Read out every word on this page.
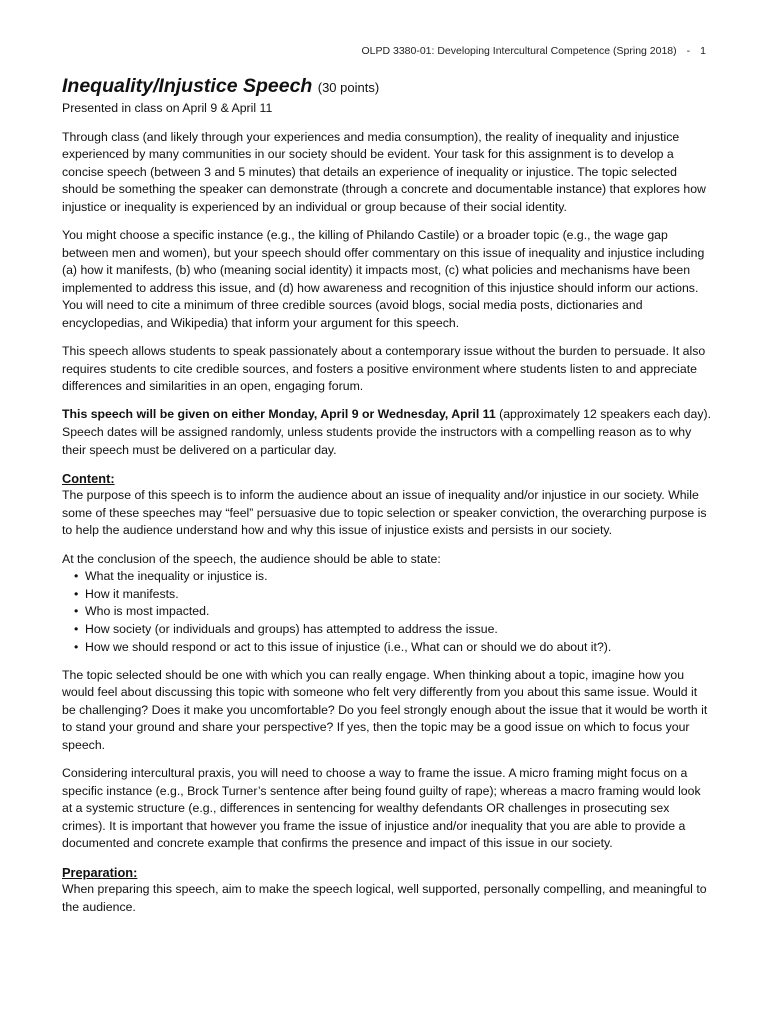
OLPD 3380-01: Developing Intercultural Competence (Spring 2018) - 1
Inequality/Injustice Speech (30 points)

Presented in class on April 9 & April 11

Through class (and likely through your experiences and media consumption), the reality of inequality and injustice experienced by many communities in our society should be evident. Your task for this assignment is to develop a concise speech (between 3 and 5 minutes) that details an experience of inequality or injustice. The topic selected should be something the speaker can demonstrate (through a concrete and documentable instance) that explores how injustice or inequality is experienced by an individual or group because of their social identity.

You might choose a specific instance (e.g., the killing of Philando Castile) or a broader topic (e.g., the wage gap between men and women), but your speech should offer commentary on this issue of inequality and injustice including (a) how it manifests, (b) who (meaning social identity) it impacts most, (c) what policies and mechanisms have been implemented to address this issue, and (d) how awareness and recognition of this injustice should inform our actions. You will need to cite a minimum of three credible sources (avoid blogs, social media posts, dictionaries and encyclopedias, and Wikipedia) that inform your argument for this speech.

This speech allows students to speak passionately about a contemporary issue without the burden to persuade. It also requires students to cite credible sources, and fosters a positive environment where students listen to and appreciate differences and similarities in an open, engaging forum.

This speech will be given on either Monday, April 9 or Wednesday, April 11 (approximately 12 speakers each day). Speech dates will be assigned randomly, unless students provide the instructors with a compelling reason as to why their speech must be delivered on a particular day.

Content:

The purpose of this speech is to inform the audience about an issue of inequality and/or injustice in our society. While some of these speeches may “feel” persuasive due to topic selection or speaker conviction, the overarching purpose is to help the audience understand how and why this issue of injustice exists and persists in our society.

At the conclusion of the speech, the audience should be able to state:
• What the inequality or injustice is.
• How it manifests.
• Who is most impacted.
• How society (or individuals and groups) has attempted to address the issue.
• How we should respond or act to this issue of injustice (i.e., What can or should we do about it?).

The topic selected should be one with which you can really engage. When thinking about a topic, imagine how you would feel about discussing this topic with someone who felt very differently from you about this same issue. Would it be challenging? Does it make you uncomfortable? Do you feel strongly enough about the issue that it would be worth it to stand your ground and share your perspective? If yes, then the topic may be a good issue on which to focus your speech.

Considering intercultural praxis, you will need to choose a way to frame the issue. A micro framing might focus on a specific instance (e.g., Brock Turner’s sentence after being found guilty of rape); whereas a macro framing would look at a systemic structure (e.g., differences in sentencing for wealthy defendants OR challenges in prosecuting sex crimes). It is important that however you frame the issue of injustice and/or inequality that you are able to provide a documented and concrete example that confirms the presence and impact of this issue in our society.

Preparation:

When preparing this speech, aim to make the speech logical, well supported, personally compelling, and meaningful to the audience.
